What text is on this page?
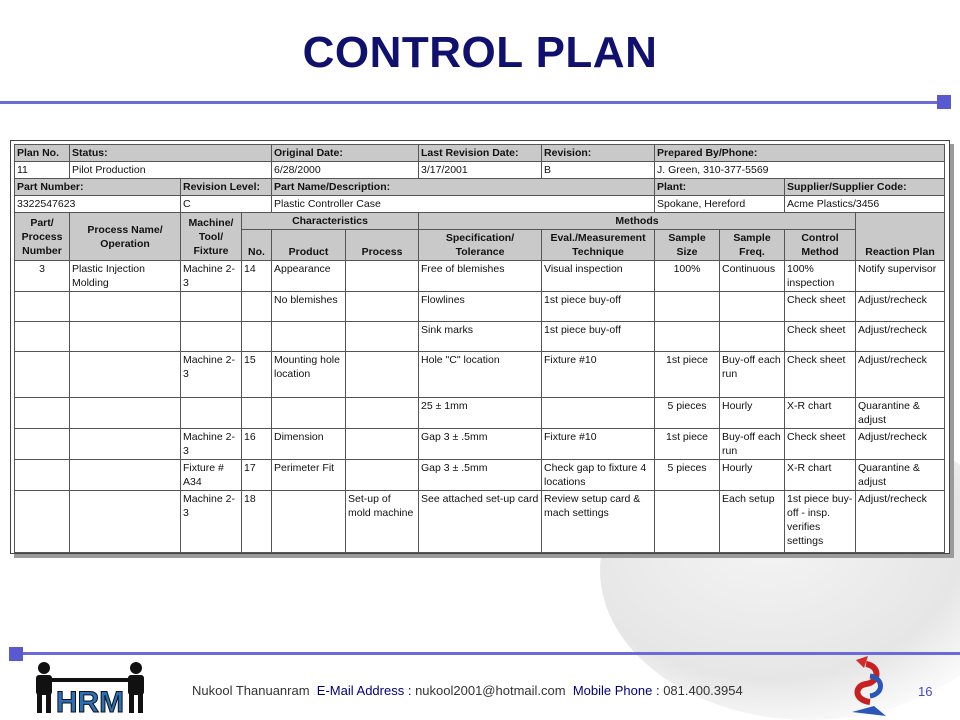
CONTROL PLAN
Plan No.	Status:			Original Date:		Last Revision Date:	Revision:	Prepared By/Phone:			
11	Pilot Production			6/28/2000		3/17/2001	B	J. Green, 310-377-5569			
Part Number:		Revision Level:		Part Name/Description:				Plant:		Supplier/Supplier Code:	
3322547623		C		Plastic Controller Case				Spokane, Hereford		Acme Plastics/3456	
Part/ Process Number	Process Name/ Operation	Machine/ Tool/ Fixture	Characteristics			Methods					Reaction Plan
			No.	Product	Process	Specification/ Tolerance	Eval./Measurement Technique	Sample Size	Sample Freq.	Control Method	
3	Plastic Injection Molding	Machine 2-3	14	Appearance		Free of blemishes	Visual inspection	100%	Continuous	100% inspection	Notify supervisor
				No blemishes		Flowlines	1st piece buy-off			Check sheet	Adjust/recheck
						Sink marks	1st piece buy-off			Check sheet	Adjust/recheck
		Machine 2-3	15	Mounting hole location		Hole "C" location	Fixture #10	1st piece	Buy-off each run	Check sheet	Adjust/recheck
						25 ± 1mm		5 pieces	Hourly	X-R chart	Quarantine & adjust
		Machine 2-3	16	Dimension		Gap 3 ± .5mm	Fixture #10	1st piece	Buy-off each run	Check sheet	Adjust/recheck
		Fixture # A34	17	Perimeter Fit		Gap 3 ± .5mm	Check gap to fixture 4 locations	5 pieces	Hourly	X-R chart	Quarantine & adjust
		Machine 2-3	18		Set-up of mold machine	See attached set-up card	Review setup card & mach settings		Each setup	1st piece buy-off - insp. verifies settings	Adjust/recheck
HRM	Nukool Thanuanram E-Mail Address : nukool2001@hotmail.com Mobile Phone : 081.400.3954	16
